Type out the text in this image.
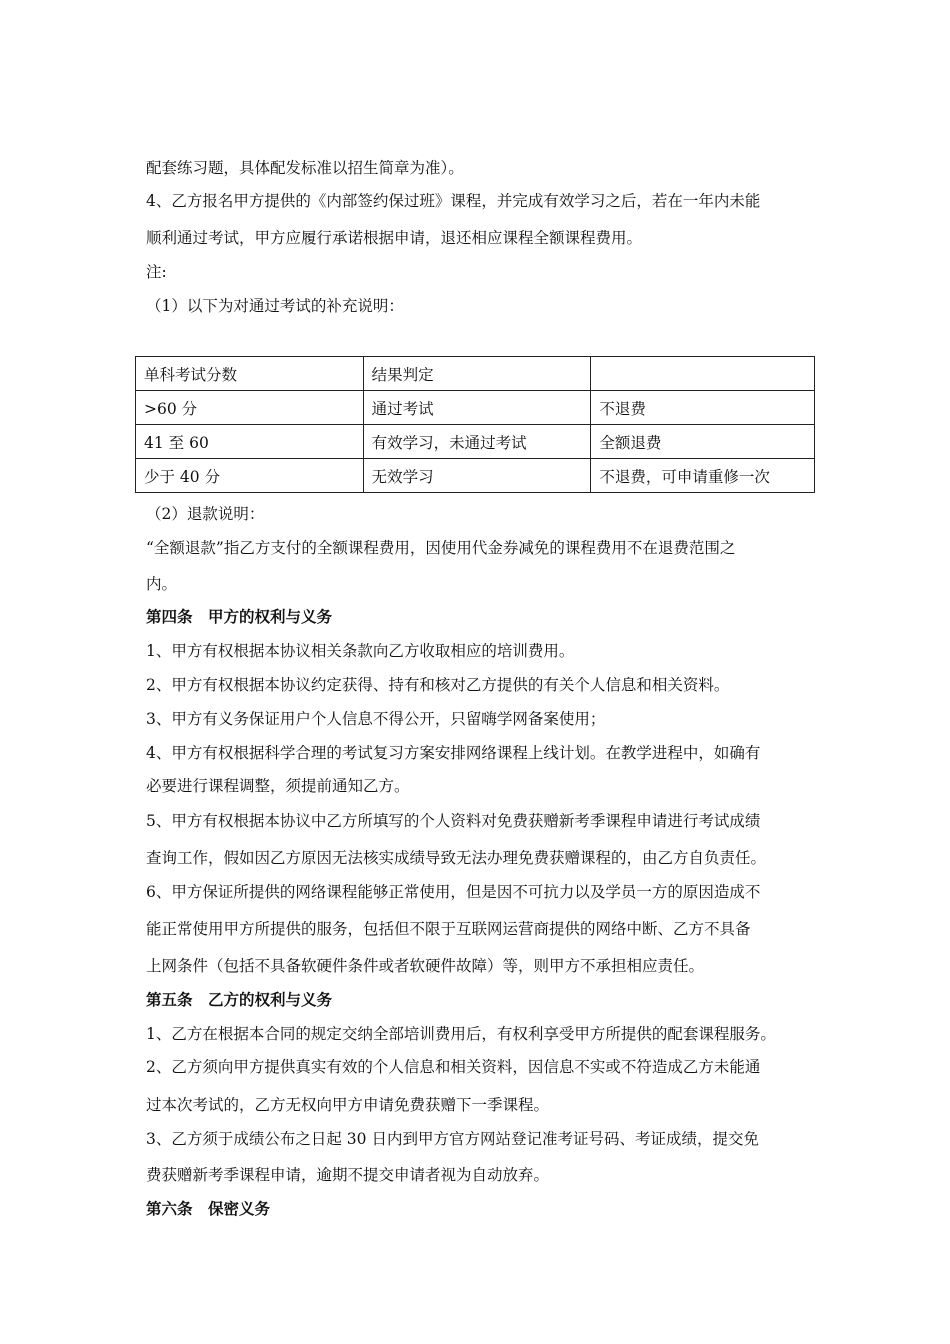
配套练习题，具体配发标准以招生简章为准）。
4、乙方报名甲方提供的《内部签约保过班》课程，并完成有效学习之后，若在一年内未能
顺利通过考试，甲方应履行承诺根据申请，退还相应课程全额课程费用。
注:
（1）以下为对通过考试的补充说明：
单科考试分数	结果判定	
>60 分	通过考试	不退费
41 至 60	有效学习，未通过考试	全额退费
少于 40 分	无效学习	不退费，可申请重修一次
（2）退款说明：
“全额退款”指乙方支付的全额课程费用，因使用代金券减免的课程费用不在退费范围之
内。
第四条　甲方的权利与义务
1、甲方有权根据本协议相关条款向乙方收取相应的培训费用。
2、甲方有权根据本协议约定获得、持有和核对乙方提供的有关个人信息和相关资料。
3、甲方有义务保证用户个人信息不得公开，只留嗨学网备案使用；
4、甲方有权根据科学合理的考试复习方案安排网络课程上线计划。在教学进程中，如确有
必要进行课程调整，须提前通知乙方。
5、甲方有权根据本协议中乙方所填写的个人资料对免费获赠新考季课程申请进行考试成绩
查询工作，假如因乙方原因无法核实成绩导致无法办理免费获赠课程的，由乙方自负责任。
6、甲方保证所提供的网络课程能够正常使用，但是因不可抗力以及学员一方的原因造成不
能正常使用甲方所提供的服务，包括但不限于互联网运营商提供的网络中断、乙方不具备
上网条件（包括不具备软硬件条件或者软硬件故障）等，则甲方不承担相应责任。
第五条　乙方的权利与义务
1、乙方在根据本合同的规定交纳全部培训费用后，有权利享受甲方所提供的配套课程服务。
2、乙方须向甲方提供真实有效的个人信息和相关资料，因信息不实或不符造成乙方未能通
过本次考试的，乙方无权向甲方申请免费获赠下一季课程。
3、乙方须于成绩公布之日起 30 日内到甲方官方网站登记准考证号码、考证成绩，提交免
费获赠新考季课程申请，逾期不提交申请者视为自动放弃。
第六条　保密义务
